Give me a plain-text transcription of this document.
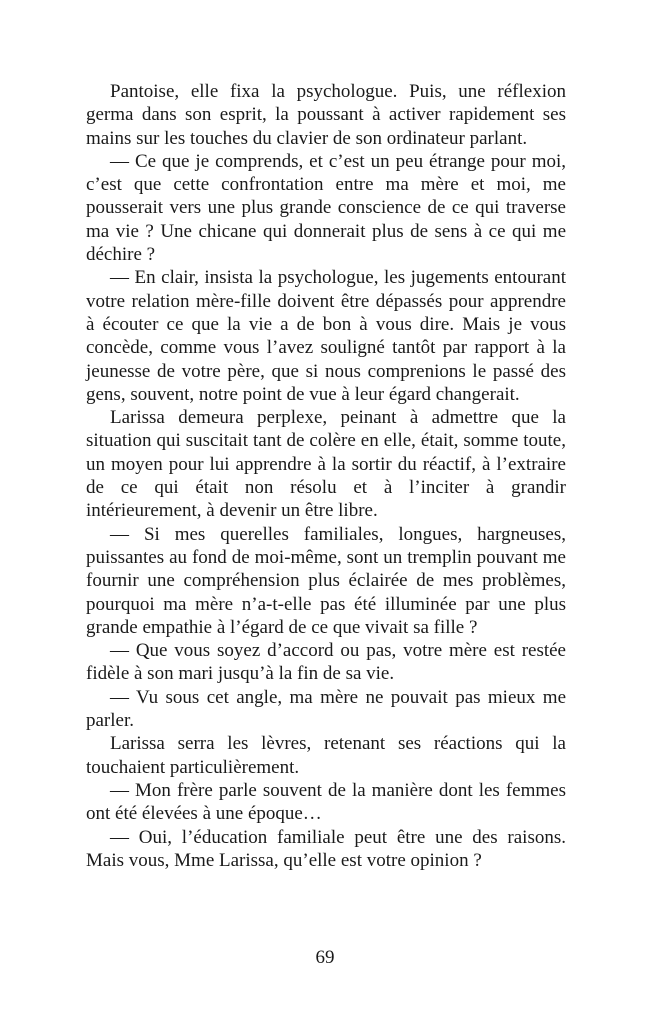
Pantoise, elle fixa la psychologue. Puis, une réflexion germa dans son esprit, la poussant à activer rapidement ses mains sur les touches du clavier de son ordinateur parlant.

— Ce que je comprends, et c’est un peu étrange pour moi, c’est que cette confrontation entre ma mère et moi, me pousserait vers une plus grande conscience de ce qui traverse ma vie ? Une chicane qui donnerait plus de sens à ce qui me déchire ?

— En clair, insista la psychologue, les jugements entourant votre relation mère-fille doivent être dépassés pour apprendre à écouter ce que la vie a de bon à vous dire. Mais je vous concède, comme vous l’avez souligné tantôt par rapport à la jeunesse de votre père, que si nous comprenions le passé des gens, souvent, notre point de vue à leur égard changerait.

Larissa demeura perplexe, peinant à admettre que la situation qui suscitait tant de colère en elle, était, somme toute, un moyen pour lui apprendre à la sortir du réactif, à l’extraire de ce qui était non résolu et à l’inciter à grandir intérieurement, à devenir un être libre.

— Si mes querelles familiales, longues, hargneuses, puissantes au fond de moi-même, sont un tremplin pouvant me fournir une compréhension plus éclairée de mes problèmes, pourquoi ma mère n’a-t-elle pas été illuminée par une plus grande empathie à l’égard de ce que vivait sa fille ?

— Que vous soyez d’accord ou pas, votre mère est restée fidèle à son mari jusqu’à la fin de sa vie.

— Vu sous cet angle, ma mère ne pouvait pas mieux me parler.

Larissa serra les lèvres, retenant ses réactions qui la touchaient particulièrement.

— Mon frère parle souvent de la manière dont les femmes ont été élevées à une époque…

— Oui, l’éducation familiale peut être une des raisons. Mais vous, Mme Larissa, qu’elle est votre opinion ?

69
